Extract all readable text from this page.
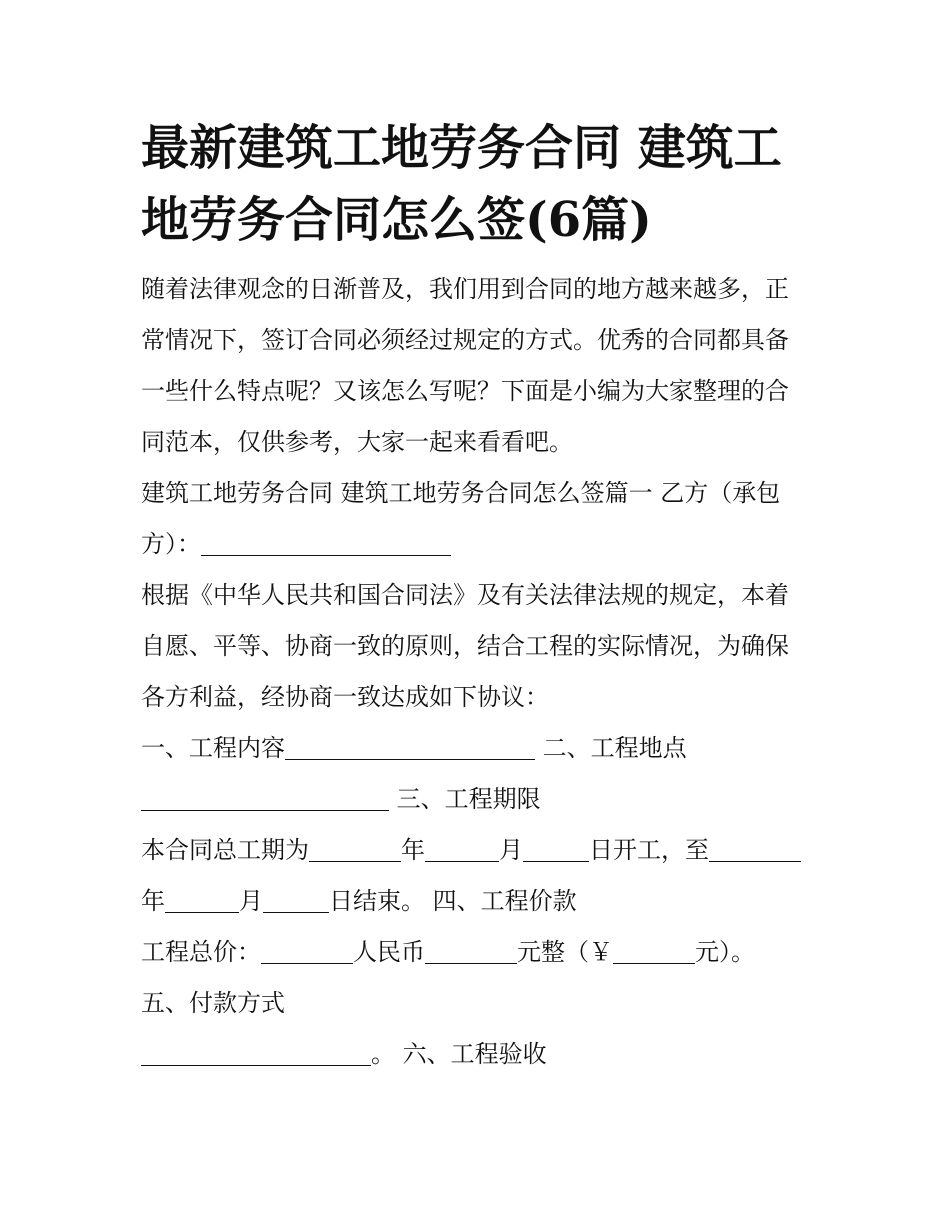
最新建筑工地劳务合同 建筑工
地劳务合同怎么签(6篇)

随着法律观念的日渐普及，我们用到合同的地方越来越多，正

常情况下，签订合同必须经过规定的方式。优秀的合同都具备

一些什么特点呢？又该怎么写呢？下面是小编为大家整理的合

同范本，仅供参考，大家一起来看看吧。

建筑工地劳务合同 建筑工地劳务合同怎么签篇一 乙方（承包

方）：

根据《中华人民共和国合同法》及有关法律法规的规定，本着

自愿、平等、协商一致的原则，结合工程的实际情况，为确保

各方利益，经协商一致达成如下协议：

一、工程内容	二、工程地点

三、工程期限

本合同总工期为	年	月	日开工，至

年	月	日结束。 四、工程价款

工程总价：	人民币	元整（￥	元）。

五、付款方式

。 六、工程验收
